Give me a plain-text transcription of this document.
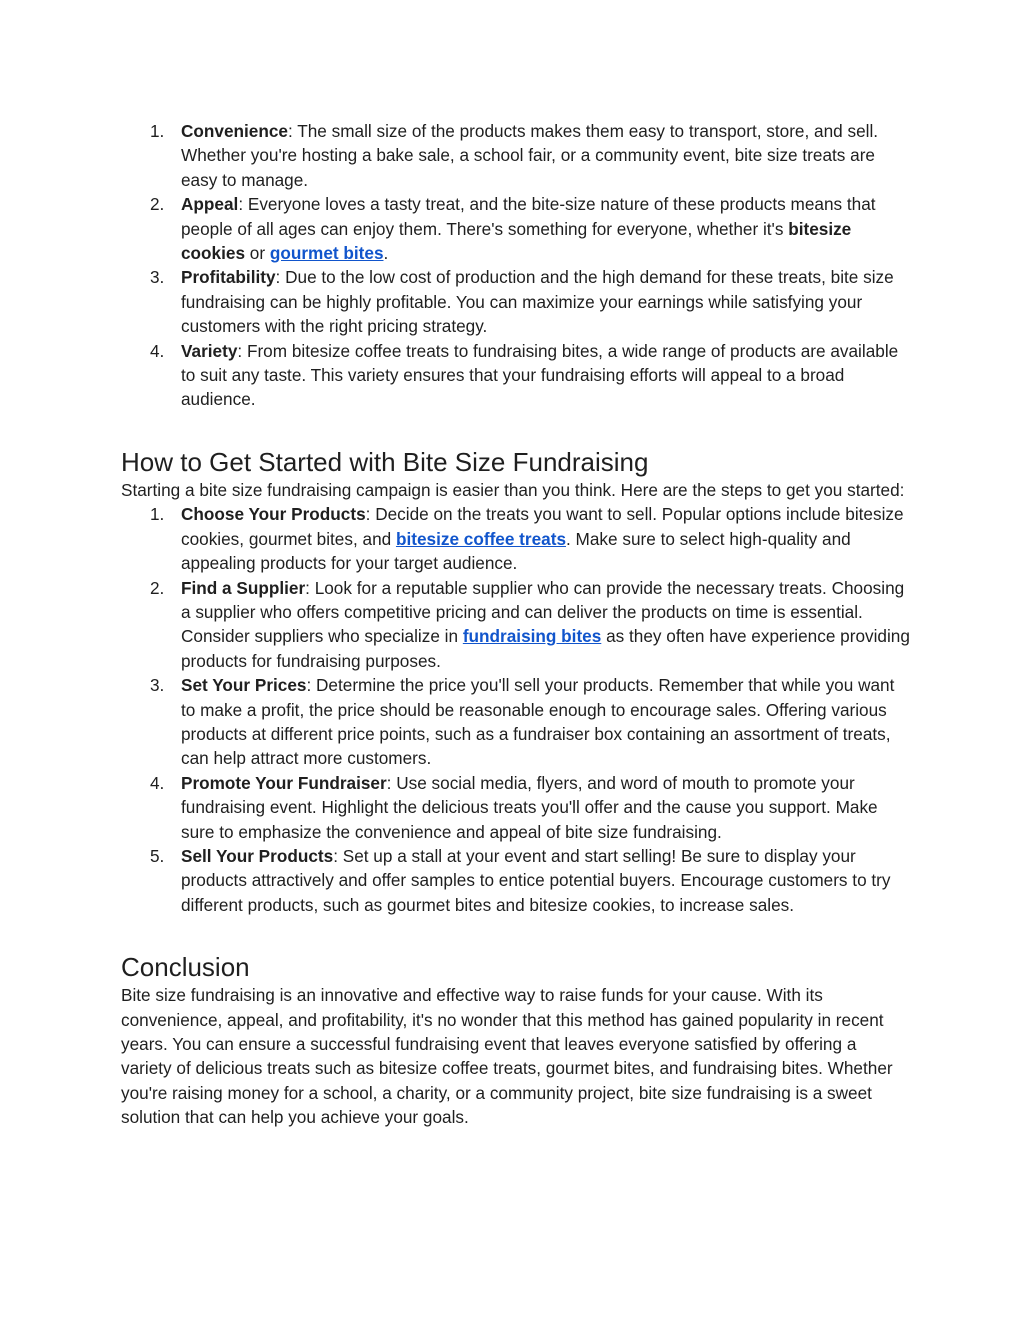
1. Convenience: The small size of the products makes them easy to transport, store, and sell. Whether you're hosting a bake sale, a school fair, or a community event, bite size treats are easy to manage.
2. Appeal: Everyone loves a tasty treat, and the bite-size nature of these products means that people of all ages can enjoy them. There's something for everyone, whether it's bitesize cookies or gourmet bites.
3. Profitability: Due to the low cost of production and the high demand for these treats, bite size fundraising can be highly profitable. You can maximize your earnings while satisfying your customers with the right pricing strategy.
4. Variety: From bitesize coffee treats to fundraising bites, a wide range of products are available to suit any taste. This variety ensures that your fundraising efforts will appeal to a broad audience.
How to Get Started with Bite Size Fundraising

Starting a bite size fundraising campaign is easier than you think. Here are the steps to get you started:

1. Choose Your Products: Decide on the treats you want to sell. Popular options include bitesize cookies, gourmet bites, and bitesize coffee treats. Make sure to select high-quality and appealing products for your target audience.
2. Find a Supplier: Look for a reputable supplier who can provide the necessary treats. Choosing a supplier who offers competitive pricing and can deliver the products on time is essential. Consider suppliers who specialize in fundraising bites as they often have experience providing products for fundraising purposes.
3. Set Your Prices: Determine the price you'll sell your products. Remember that while you want to make a profit, the price should be reasonable enough to encourage sales. Offering various products at different price points, such as a fundraiser box containing an assortment of treats, can help attract more customers.
4. Promote Your Fundraiser: Use social media, flyers, and word of mouth to promote your fundraising event. Highlight the delicious treats you'll offer and the cause you support. Make sure to emphasize the convenience and appeal of bite size fundraising.
5. Sell Your Products: Set up a stall at your event and start selling! Be sure to display your products attractively and offer samples to entice potential buyers. Encourage customers to try different products, such as gourmet bites and bitesize cookies, to increase sales.
Conclusion

Bite size fundraising is an innovative and effective way to raise funds for your cause. With its convenience, appeal, and profitability, it's no wonder that this method has gained popularity in recent years. You can ensure a successful fundraising event that leaves everyone satisfied by offering a variety of delicious treats such as bitesize coffee treats, gourmet bites, and fundraising bites. Whether you're raising money for a school, a charity, or a community project, bite size fundraising is a sweet solution that can help you achieve your goals.
